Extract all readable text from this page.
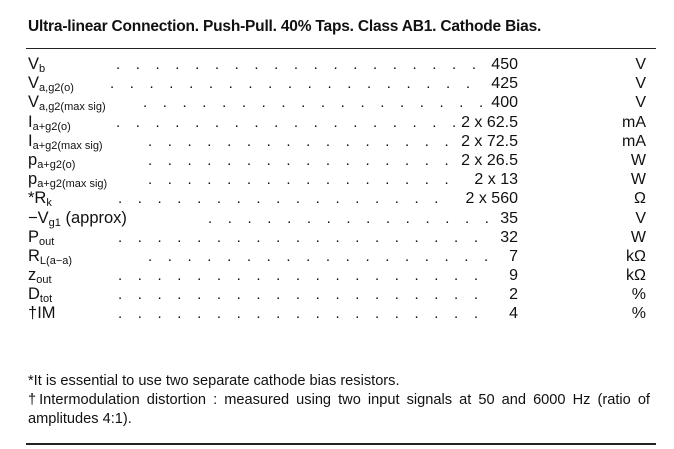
Ultra-linear Connection. Push-Pull. 40% Taps. Class AB1. Cathode Bias.
...................
$V_b$	450	V
...................
$V_{a,g2(o)}$	425	V
..................
$V_{a,g2(max sig)}$	400	V
..................
$I_{a+g2(o)}$	2 x 62.5	mA
................
$I_{a+g2(max sig)}$	2 x 72.5	mA
................
$p_{a+g2(o)}$	2 x 26.5	W
................
$p_{a+g2(max sig)}$	2 x 13	W
.................
$*R_k$	2 x 560	Ω
...............
$-V_{g1}$ (approx)	35	V
...................
$P_{out}$	32	W
..................
$R_{L(a-a)}$	7	kΩ
...................
$z_{out}$	9	kΩ
...................
$D_{tot}$	2	%
...................
†IM	4	%

*It is essential to use two separate cathode bias resistors.

†Intermodulation distortion : measured using two input signals at 50 and 6000 Hz (ratio of amplitudes 4:1).
